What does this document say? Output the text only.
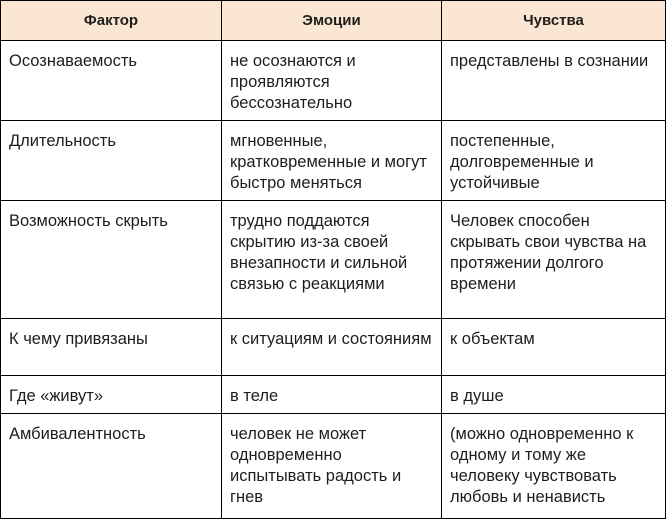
Фактор	Эмоции	Чувства
Осознаваемость	не осознаются и проявляются бессознательно	представлены в сознании
Длительность	мгновенные, кратковременные и могут быстро меняться	постепенные, долговременные и устойчивые
Возможность скрыть	трудно поддаются скрытию из-за своей внезапности и сильной связью с реакциями	Человек способен скрывать свои чувства на протяжении долгого времени
К чему привязаны	к ситуациям и состояниям	к объектам
Где «живут»	в теле	в душе
Амбивалентность	человек не может одновременно испытывать радость и гнев	(можно одновременно к одному и тому же человеку чувствовать любовь и ненависть
